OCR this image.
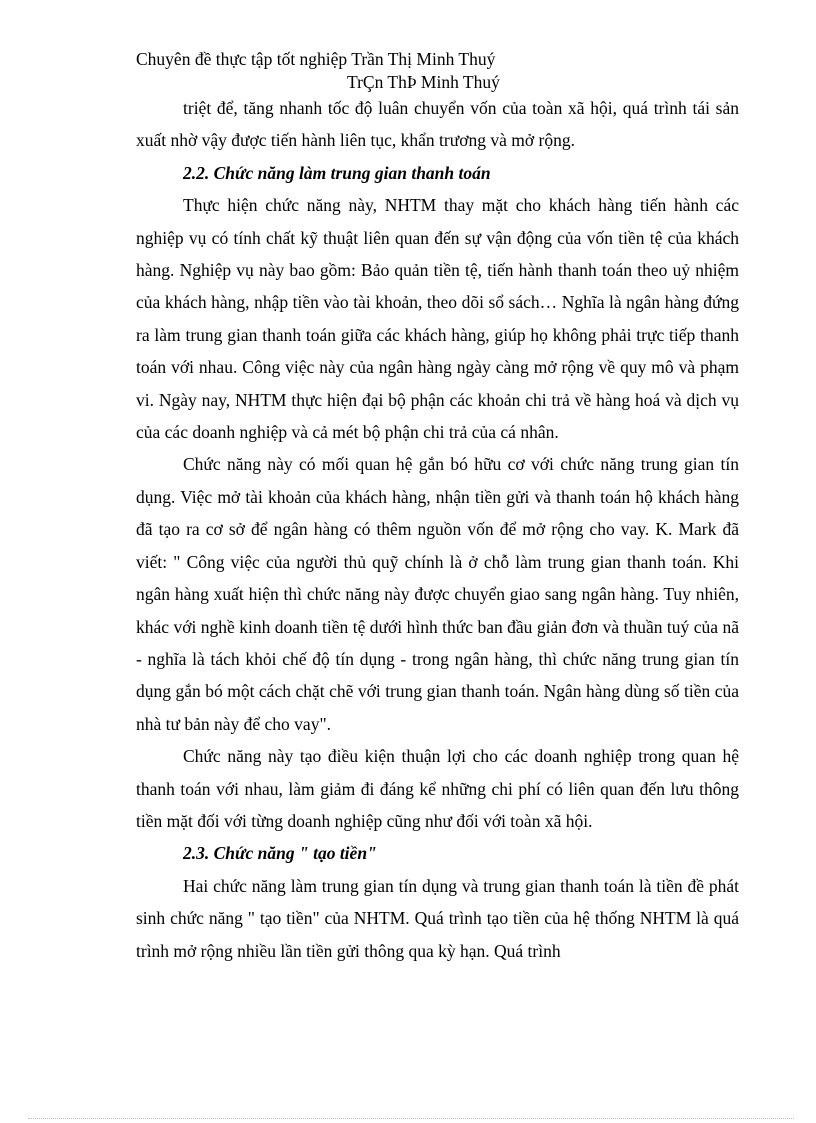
Chuyên đề thực tập tốt nghiệp Trần Thị Minh Thuý
TrÇn ThÞ Minh Thuý

triệt để, tăng nhanh tốc độ luân chuyển vốn của toàn xã hội, quá trình tái sản xuất nhờ vậy được tiến hành liên tục, khẩn trương và mở rộng.

2.2. Chức năng làm trung gian thanh toán

Thực hiện chức năng này, NHTM thay mặt cho khách hàng tiến hành các nghiệp vụ có tính chất kỹ thuật liên quan đến sự vận động của vốn tiền tệ của khách hàng. Nghiệp vụ này bao gồm: Bảo quản tiền tệ, tiến hành thanh toán theo uỷ nhiệm của khách hàng, nhập tiền vào tài khoản, theo dõi sổ sách… Nghĩa là ngân hàng đứng ra làm trung gian thanh toán giữa các khách hàng, giúp họ không phải trực tiếp thanh toán với nhau. Công việc này của ngân hàng ngày càng mở rộng về quy mô và phạm vi. Ngày nay, NHTM thực hiện đại bộ phận các khoản chi trả về hàng hoá và dịch vụ của các doanh nghiệp và cả mét bộ phận chi trả của cá nhân.

Chức năng này có mối quan hệ gắn bó hữu cơ với chức năng trung gian tín dụng. Việc mở tài khoản của khách hàng, nhận tiền gửi và thanh toán hộ khách hàng đã tạo ra cơ sở để ngân hàng có thêm nguồn vốn để mở rộng cho vay. K. Mark đã viết: " Công việc của người thủ quỹ chính là ở chỗ làm trung gian thanh toán. Khi ngân hàng xuất hiện thì chức năng này được chuyển giao sang ngân hàng. Tuy nhiên, khác với nghề kinh doanh tiền tệ dưới hình thức ban đầu giản đơn và thuần tuý của nã - nghĩa là tách khỏi chế độ tín dụng - trong ngân hàng, thì chức năng trung gian tín dụng gắn bó một cách chặt chẽ với trung gian thanh toán. Ngân hàng dùng số tiền của nhà tư bản này để cho vay".

Chức năng này tạo điều kiện thuận lợi cho các doanh nghiệp trong quan hệ thanh toán với nhau, làm giảm đi đáng kể những chi phí có liên quan đến lưu thông tiền mặt đối với từng doanh nghiệp cũng như đối với toàn xã hội.

2.3. Chức năng " tạo tiền"

Hai chức năng làm trung gian tín dụng và trung gian thanh toán là tiền đề phát sinh chức năng " tạo tiền" của NHTM. Quá trình tạo tiền của hệ thống NHTM là quá trình mở rộng nhiều lần tiền gửi thông qua kỳ hạn. Quá trình
